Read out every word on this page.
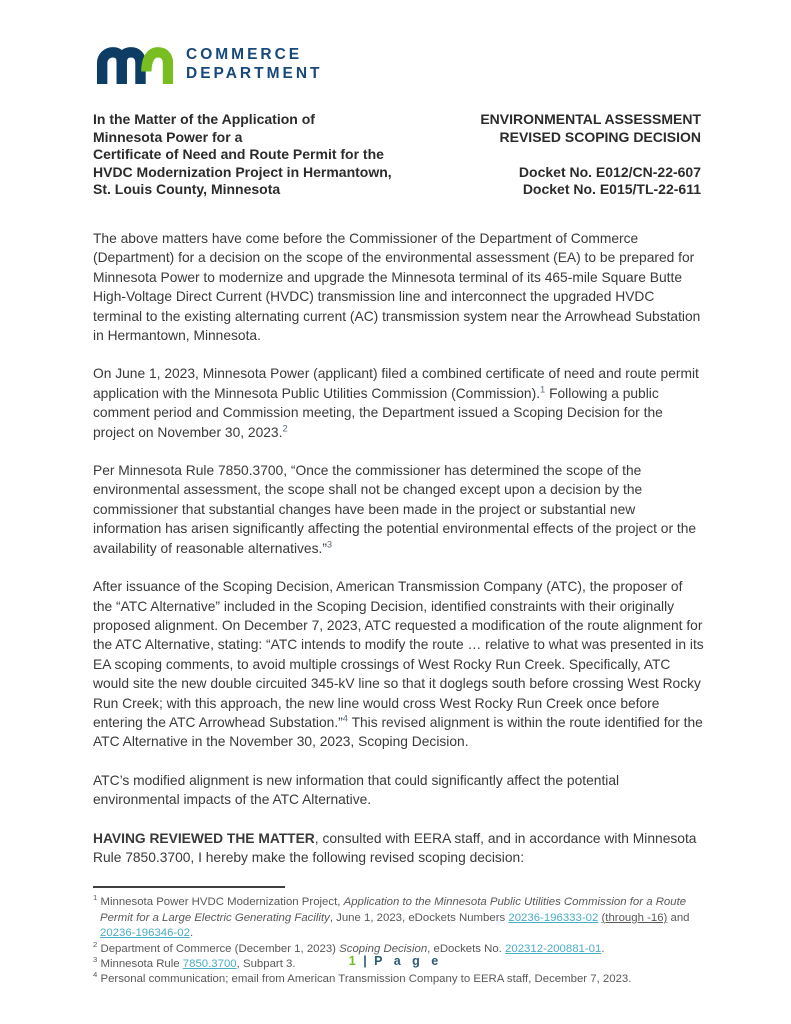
COMMERCE
DEPARTMENT
In the Matter of the Application of
Minnesota Power for a
Certificate of Need and Route Permit for the
HVDC Modernization Project in Hermantown,
St. Louis County, Minnesota
ENVIRONMENTAL ASSESSMENT
REVISED SCOPING DECISION
Docket No. E012/CN-22-607
Docket No. E015/TL-22-611

The above matters have come before the Commissioner of the Department of Commerce (Department) for a decision on the scope of the environmental assessment (EA) to be prepared for Minnesota Power to modernize and upgrade the Minnesota terminal of its 465-mile Square Butte High-Voltage Direct Current (HVDC) transmission line and interconnect the upgraded HVDC terminal to the existing alternating current (AC) transmission system near the Arrowhead Substation in Hermantown, Minnesota.

On June 1, 2023, Minnesota Power (applicant) filed a combined certificate of need and route permit application with the Minnesota Public Utilities Commission (Commission).$^1$ Following a public comment period and Commission meeting, the Department issued a Scoping Decision for the project on November 30, 2023.$^2$

Per Minnesota Rule 7850.3700, “Once the commissioner has determined the scope of the environmental assessment, the scope shall not be changed except upon a decision by the commissioner that substantial changes have been made in the project or substantial new information has arisen significantly affecting the potential environmental effects of the project or the availability of reasonable alternatives.”$^3$

After issuance of the Scoping Decision, American Transmission Company (ATC), the proposer of the “ATC Alternative” included in the Scoping Decision, identified constraints with their originally proposed alignment. On December 7, 2023, ATC requested a modification of the route alignment for the ATC Alternative, stating: “ATC intends to modify the route … relative to what was presented in its EA scoping comments, to avoid multiple crossings of West Rocky Run Creek. Specifically, ATC would site the new double circuited 345-kV line so that it doglegs south before crossing West Rocky Run Creek; with this approach, the new line would cross West Rocky Run Creek once before entering the ATC Arrowhead Substation.”$^4$ This revised alignment is within the route identified for the ATC Alternative in the November 30, 2023, Scoping Decision.

ATC’s modified alignment is new information that could significantly affect the potential environmental impacts of the ATC Alternative.

HAVING REVIEWED THE MATTER, consulted with EERA staff, and in accordance with Minnesota Rule 7850.3700, I hereby make the following revised scoping decision:

$^1$ Minnesota Power HVDC Modernization Project, Application to the Minnesota Public Utilities Commission for a Route Permit for a Large Electric Generating Facility, June 1, 2023, eDockets Numbers 20236-196333-02 (through -16) and 20236-196346-02.

$^2$ Department of Commerce (December 1, 2023) Scoping Decision, eDockets No. 202312-200881-01.

$^3$ Minnesota Rule 7850.3700, Subpart 3.

$^4$ Personal communication; email from American Transmission Company to EERA staff, December 7, 2023.

1 | P a g e
